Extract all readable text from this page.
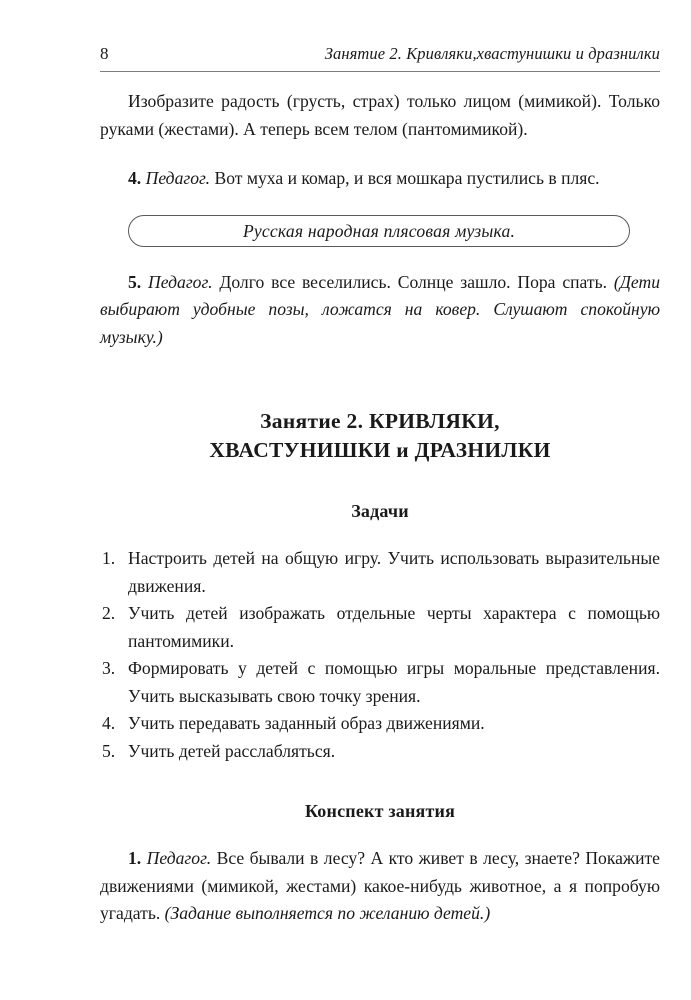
8	Занятие 2. Кривляки,хвастунишки и дразнилки

Изобразите радость (грусть, страх) только лицом (мимикой). Только руками (жестами). А теперь всем телом (пантомимикой).

4. Педагог. Вот муха и комар, и вся мошкара пустились в пляс.

Русская народная плясовая музыка.

5. Педагог. Долго все веселились. Солнце зашло. Пора спать. (Дети выбирают удобные позы, ложатся на ковер. Слушают спокойную музыку.)

Занятие 2. КРИВЛЯКИ,
ХВАСТУНИШКИ и ДРАЗНИЛКИ
Задачи
1. Настроить детей на общую игру. Учить использовать выразительные движения.
2. Учить детей изображать отдельные черты характера с помощью пантомимики.
3. Формировать у детей с помощью игры моральные представления. Учить высказывать свою точку зрения.
4. Учить передавать заданный образ движениями.
5. Учить детей расслабляться.
Конспект занятия

1. Педагог. Все бывали в лесу? А кто живет в лесу, знаете? Покажите движениями (мимикой, жестами) какое-нибудь животное, а я попробую угадать. (Задание выполняется по желанию детей.)
